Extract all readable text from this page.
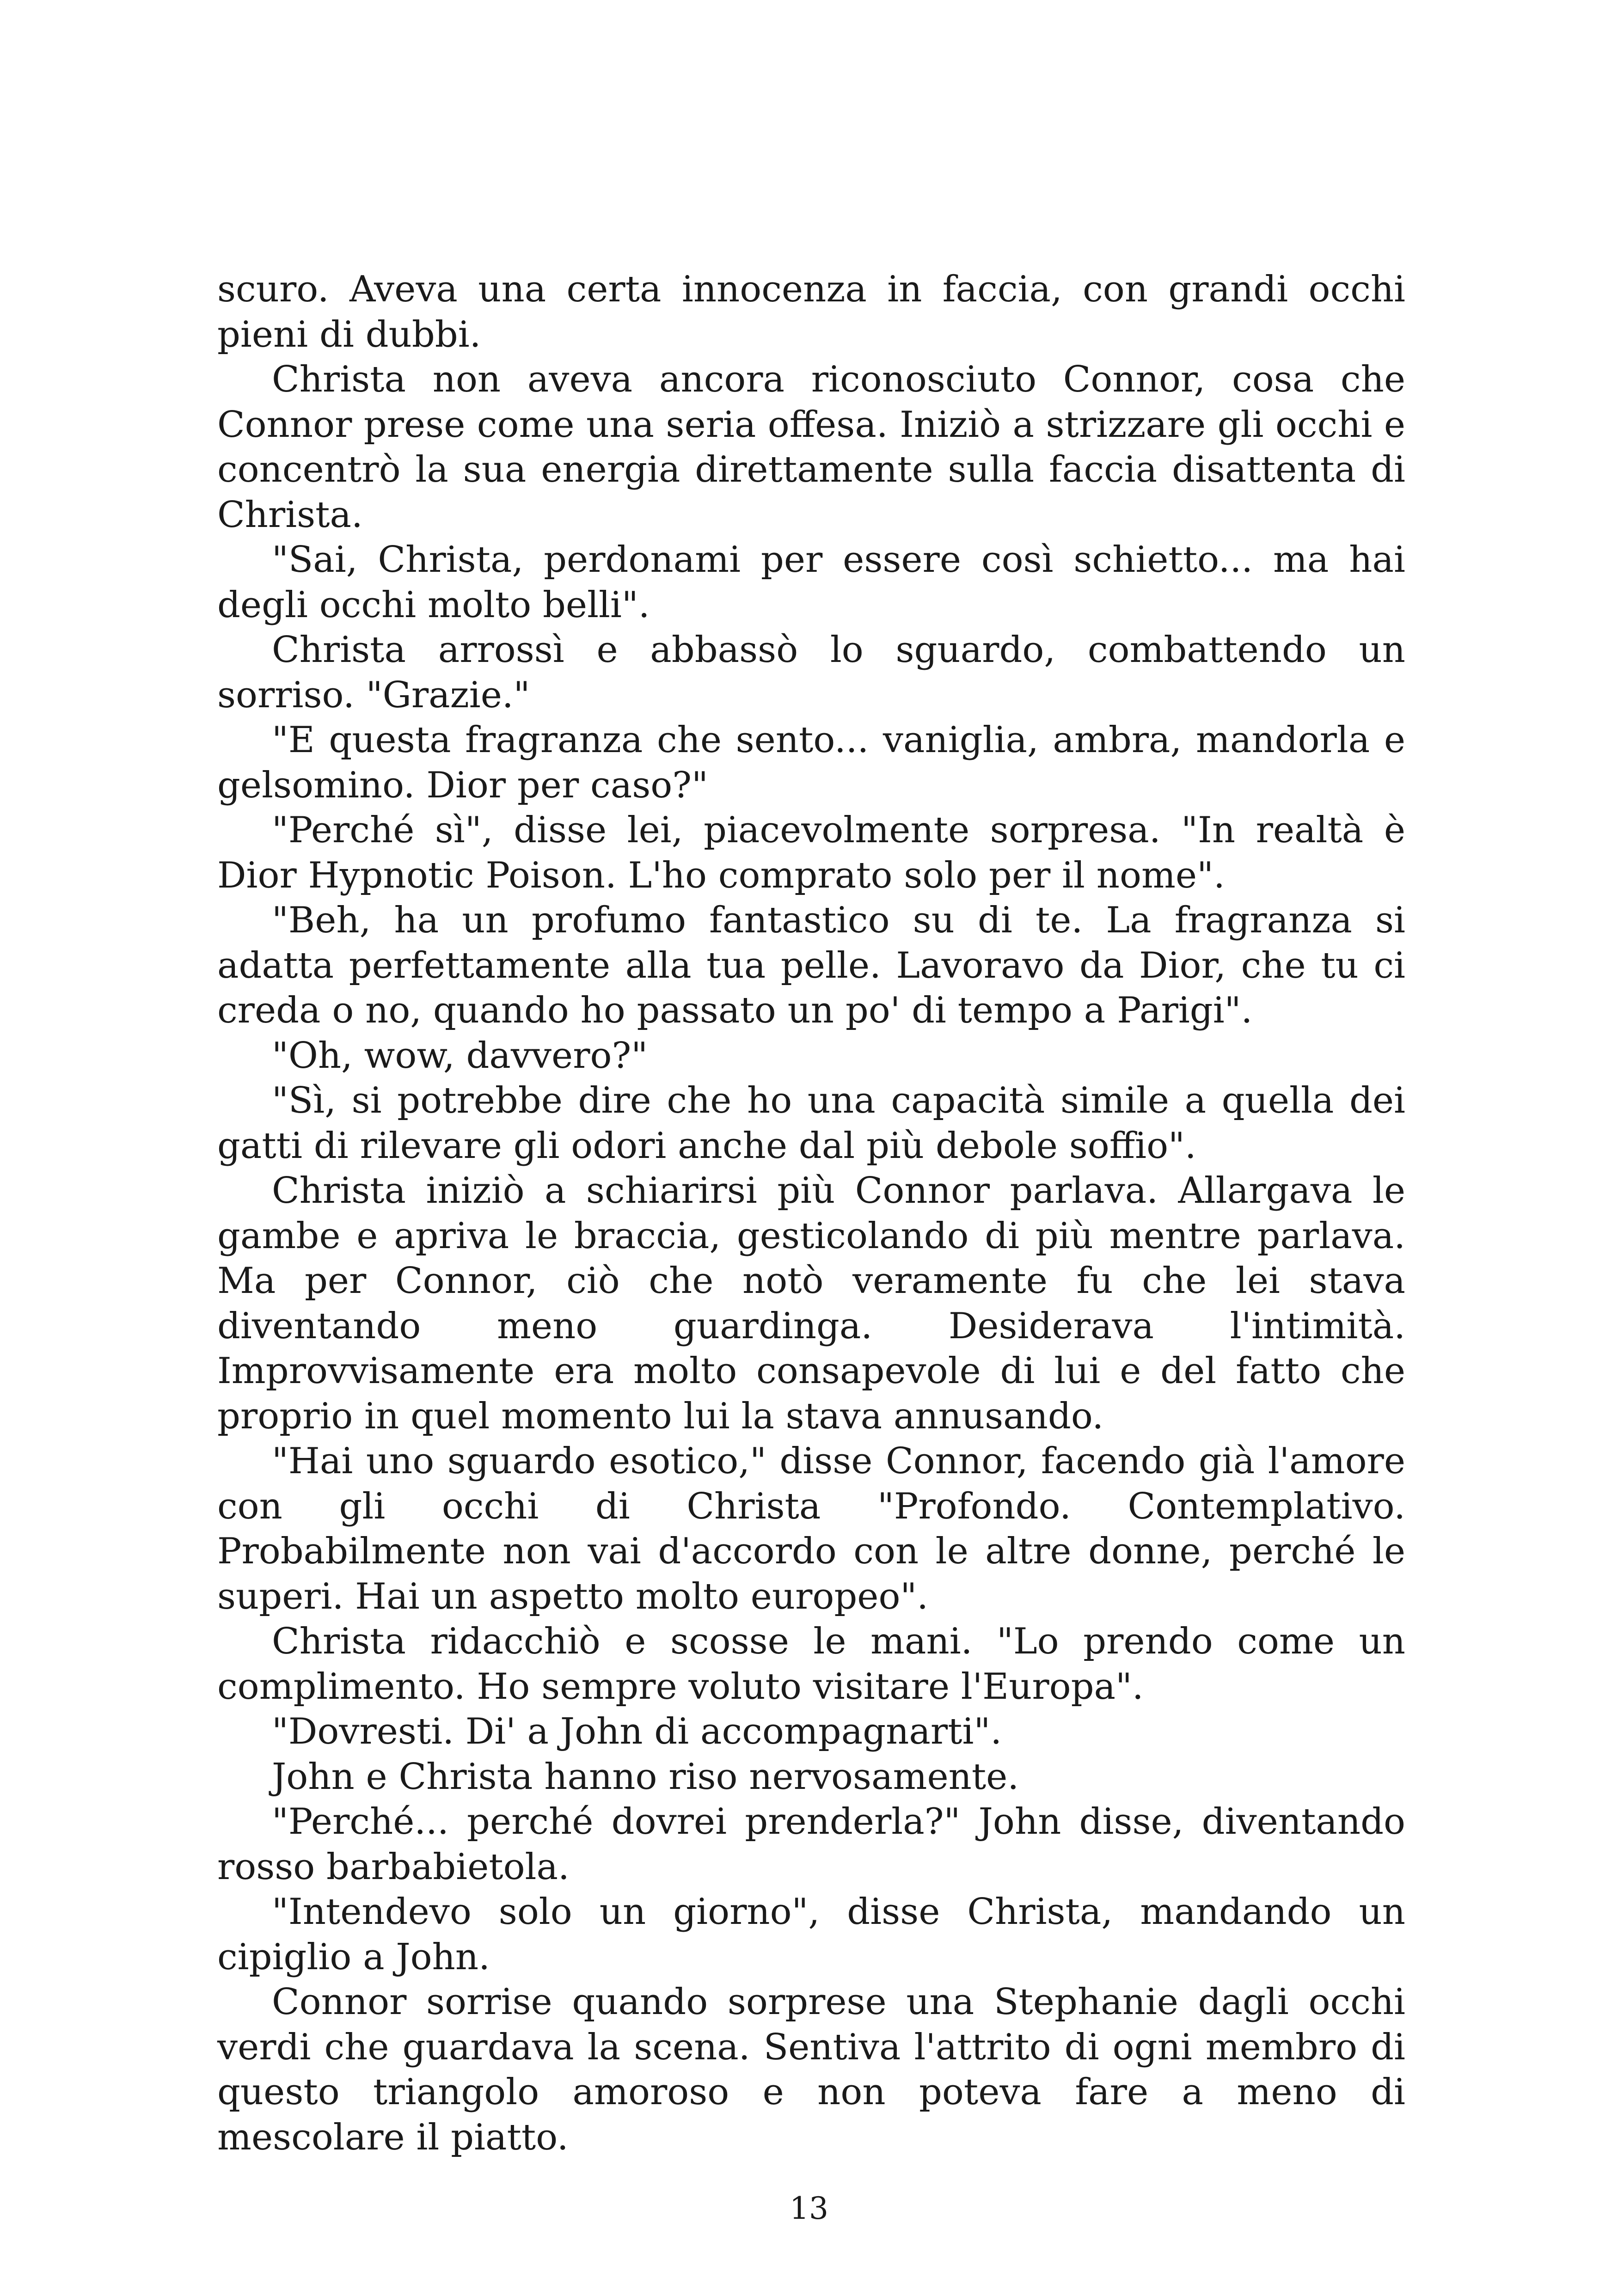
scuro. Aveva una certa innocenza in faccia, con grandi occhi pieni di dubbi.

Christa non aveva ancora riconosciuto Connor, cosa che Connor prese come una seria offesa. Iniziò a strizzare gli occhi e concentrò la sua energia direttamente sulla faccia disattenta di Christa.

"Sai, Christa, perdonami per essere così schietto... ma hai degli occhi molto belli".

Christa arrossì e abbassò lo sguardo, combattendo un sorriso. "Grazie."

"E questa fragranza che sento... vaniglia, ambra, mandorla e gelsomino. Dior per caso?"

"Perché sì", disse lei, piacevolmente sorpresa. "In realtà è Dior Hypnotic Poison. L'ho comprato solo per il nome".

"Beh, ha un profumo fantastico su di te. La fragranza si adatta perfettamente alla tua pelle. Lavoravo da Dior, che tu ci creda o no, quando ho passato un po' di tempo a Parigi".

"Oh, wow, davvero?"

"Sì, si potrebbe dire che ho una capacità simile a quella dei gatti di rilevare gli odori anche dal più debole soffio".

Christa iniziò a schiarirsi più Connor parlava. Allargava le gambe e apriva le braccia, gesticolando di più mentre parlava. Ma per Connor, ciò che notò veramente fu che lei stava diventando meno guardinga. Desiderava l'intimità. Improvvisamente era molto consapevole di lui e del fatto che proprio in quel momento lui la stava annusando.

"Hai uno sguardo esotico," disse Connor, facendo già l'amore con gli occhi di Christa "Profondo. Contemplativo. Probabilmente non vai d'accordo con le altre donne, perché le superi. Hai un aspetto molto europeo".

Christa ridacchiò e scosse le mani. "Lo prendo come un complimento. Ho sempre voluto visitare l'Europa".

"Dovresti. Di' a John di accompagnarti".

John e Christa hanno riso nervosamente.

"Perché... perché dovrei prenderla?" John disse, diventando rosso barbabietola.

"Intendevo solo un giorno", disse Christa, mandando un cipiglio a John.

Connor sorrise quando sorprese una Stephanie dagli occhi verdi che guardava la scena. Sentiva l'attrito di ogni membro di questo triangolo amoroso e non poteva fare a meno di mescolare il piatto.

13
